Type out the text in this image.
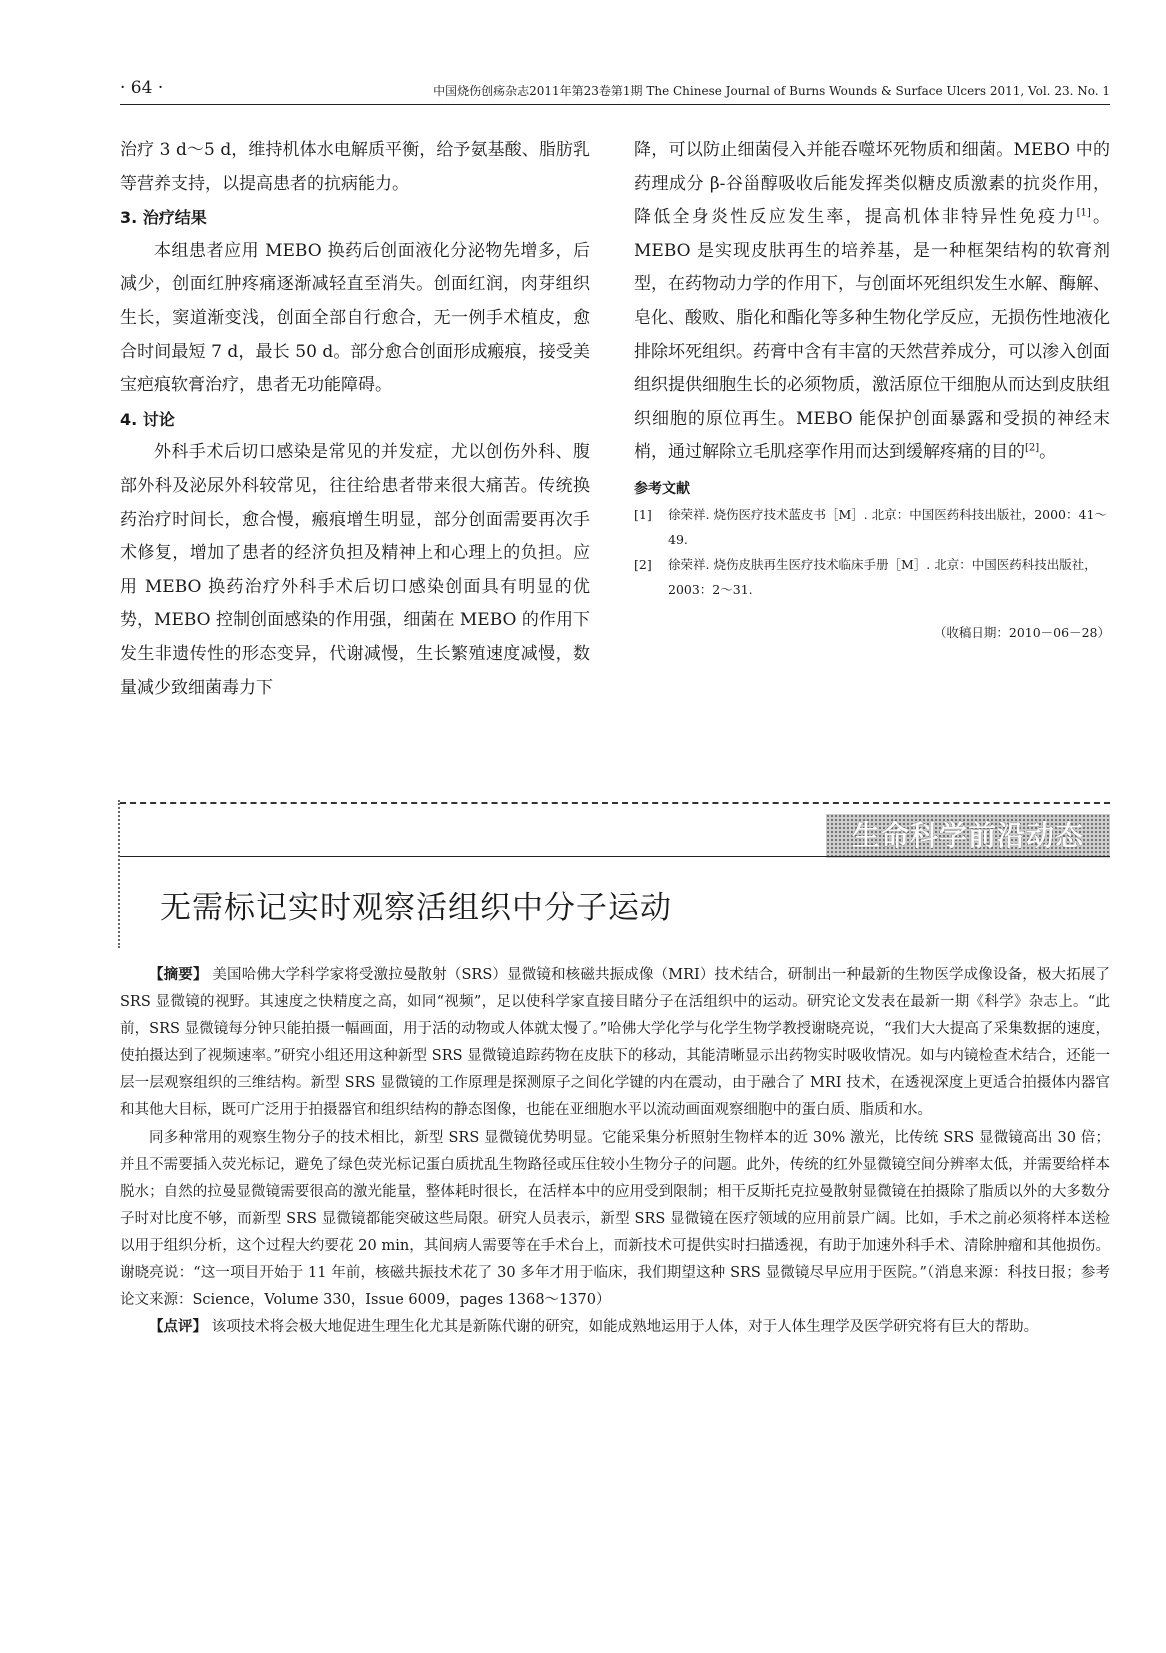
· 64 ·	中国烧伤创疡杂志2011年第23卷第1期 The Chinese Journal of Burns Wounds & Surface Ulcers 2011, Vol. 23. No. 1

治疗 3 d～5 d，维持机体水电解质平衡，给予氨基酸、脂肪乳等营养支持，以提高患者的抗病能力。

3. 治疗结果

本组患者应用 MEBO 换药后创面液化分泌物先增多，后减少，创面红肿疼痛逐渐减轻直至消失。创面红润，肉芽组织生长，窦道渐变浅，创面全部自行愈合，无一例手术植皮，愈合时间最短 7 d，最长 50 d。部分愈合创面形成瘢痕，接受美宝疤痕软膏治疗，患者无功能障碍。

4. 讨论

外科手术后切口感染是常见的并发症，尤以创伤外科、腹部外科及泌尿外科较常见，往往给患者带来很大痛苦。传统换药治疗时间长，愈合慢，瘢痕增生明显，部分创面需要再次手术修复，增加了患者的经济负担及精神上和心理上的负担。应用 MEBO 换药治疗外科手术后切口感染创面具有明显的优势，MEBO 控制创面感染的作用强，细菌在 MEBO 的作用下发生非遗传性的形态变异，代谢减慢，生长繁殖速度减慢，数量减少致细菌毒力下

降，可以防止细菌侵入并能吞噬坏死物质和细菌。MEBO 中的药理成分 β-谷甾醇吸收后能发挥类似糖皮质激素的抗炎作用，降低全身炎性反应发生率，提高机体非特异性免疫力[1]。MEBO 是实现皮肤再生的培养基，是一种框架结构的软膏剂型，在药物动力学的作用下，与创面坏死组织发生水解、酶解、皂化、酸败、脂化和酯化等多种生物化学反应，无损伤性地液化排除坏死组织。药膏中含有丰富的天然营养成分，可以渗入创面组织提供细胞生长的必须物质，激活原位干细胞从而达到皮肤组织细胞的原位再生。MEBO 能保护创面暴露和受损的神经末梢，通过解除立毛肌痉挛作用而达到缓解疼痛的目的[2]。

参考文献
[1]	徐荣祥. 烧伤医疗技术蓝皮书［M］. 北京：中国医药科技出版社，2000：41～49.
[2]	徐荣祥. 烧伤皮肤再生医疗技术临床手册［M］. 北京：中国医药科技出版社，2003：2～31.
（收稿日期：2010－06－28）
生命科学前沿动态
无需标记实时观察活组织中分子运动

【摘要】 美国哈佛大学科学家将受激拉曼散射（SRS）显微镜和核磁共振成像（MRI）技术结合，研制出一种最新的生物医学成像设备，极大拓展了 SRS 显微镜的视野。其速度之快精度之高，如同“视频”，足以使科学家直接目睹分子在活组织中的运动。研究论文发表在最新一期《科学》杂志上。“此前，SRS 显微镜每分钟只能拍摄一幅画面，用于活的动物或人体就太慢了。”哈佛大学化学与化学生物学教授谢晓亮说，“我们大大提高了采集数据的速度，使拍摄达到了视频速率。”研究小组还用这种新型 SRS 显微镜追踪药物在皮肤下的移动，其能清晰显示出药物实时吸收情况。如与内镜检查术结合，还能一层一层观察组织的三维结构。新型 SRS 显微镜的工作原理是探测原子之间化学键的内在震动，由于融合了 MRI 技术，在透视深度上更适合拍摄体内器官和其他大目标，既可广泛用于拍摄器官和组织结构的静态图像，也能在亚细胞水平以流动画面观察细胞中的蛋白质、脂质和水。

同多种常用的观察生物分子的技术相比，新型 SRS 显微镜优势明显。它能采集分析照射生物样本的近 30% 激光，比传统 SRS 显微镜高出 30 倍；并且不需要插入荧光标记，避免了绿色荧光标记蛋白质扰乱生物路径或压住较小生物分子的问题。此外，传统的红外显微镜空间分辨率太低，并需要给样本脱水；自然的拉曼显微镜需要很高的激光能量，整体耗时很长，在活样本中的应用受到限制；相干反斯托克拉曼散射显微镜在拍摄除了脂质以外的大多数分子时对比度不够，而新型 SRS 显微镜都能突破这些局限。研究人员表示，新型 SRS 显微镜在医疗领域的应用前景广阔。比如，手术之前必须将样本送检以用于组织分析，这个过程大约要花 20 min，其间病人需要等在手术台上，而新技术可提供实时扫描透视，有助于加速外科手术、清除肿瘤和其他损伤。谢晓亮说：“这一项目开始于 11 年前，核磁共振技术花了 30 多年才用于临床，我们期望这种 SRS 显微镜尽早应用于医院。”（消息来源：科技日报；参考论文来源：Science，Volume 330，Issue 6009，pages 1368～1370）

【点评】 该项技术将会极大地促进生理生化尤其是新陈代谢的研究，如能成熟地运用于人体，对于人体生理学及医学研究将有巨大的帮助。
